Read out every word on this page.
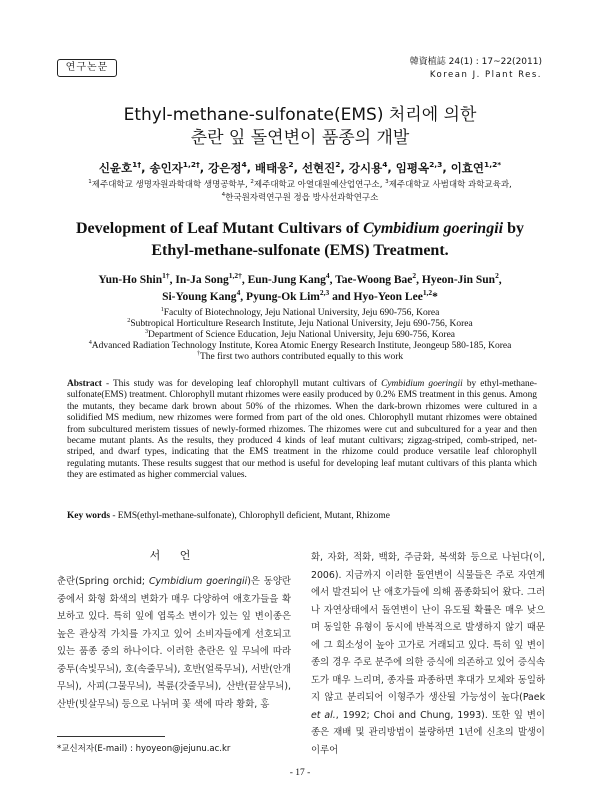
연구논문	韓資植誌 24(1) : 17~22(2011)
Korean J. Plant Res.
Ethyl-methane-sulfonate(EMS) 처리에 의한
춘란 잎 돌연변이 품종의 개발
신윤호$^{1\dagger}$, 송인자$^{1,2\dagger}$, 강은정$^4$, 배태웅$^2$, 선현진$^2$, 강시용$^4$, 임평옥$^{2,3}$, 이효연$^{1,2*}$
$^1$제주대학교 생명자원과학대학 생명공학부, $^2$제주대학교 아열대원예산업연구소, $^3$제주대학교 사범대학 과학교육과,
$^4$한국원자력연구원 정읍 방사선과학연구소
Development of Leaf Mutant Cultivars of Cymbidium goeringii by
Ethyl-methane-sulfonate (EMS) Treatment.
Yun-Ho Shin$^{1\dagger}$, In-Ja Song$^{1,2\dagger}$, Eun-Jung Kang$^4$, Tae-Woong Bae$^2$, Hyeon-Jin Sun$^2$,
Si-Young Kang$^4$, Pyung-Ok Lim$^{2,3}$ and Hyo-Yeon Lee$^{1,2}$*
$^1$Faculty of Biotechnology, Jeju National University, Jeju 690-756, Korea
$^2$Subtropical Horticulture Research Institute, Jeju National University, Jeju 690-756, Korea
$^3$Department of Science Education, Jeju National University, Jeju 690-756, Korea
$^4$Advanced Radiation Technology Institute, Korea Atomic Energy Research Institute, Jeongeup 580-185, Korea
†The first two authors contributed equally to this work
Abstract - This study was for developing leaf chlorophyll mutant cultivars of Cymbidium goeringii by ethyl-methane-sulfonate(EMS) treatment. Chlorophyll mutant rhizomes were easily produced by 0.2% EMS treatment in this genus. Among the mutants, they became dark brown about 50% of the rhizomes. When the dark-brown rhizomes were cultured in a solidified MS medium, new rhizomes were formed from part of the old ones. Chlorophyll mutant rhizomes were obtained from subcultured meristem tissues of newly-formed rhizomes. The rhizomes were cut and subcultured for a year and then became mutant plants. As the results, they produced 4 kinds of leaf mutant cultivars; zigzag-striped, comb-striped, net-striped, and dwarf types, indicating that the EMS treatment in the rhizome could produce versatile leaf chlorophyll regulating mutants. These results suggest that our method is useful for developing leaf mutant cultivars of this planta which they are estimated as higher commercial values.
Key words - EMS(ethyl-methane-sulfonate), Chlorophyll deficient, Mutant, Rhizome
서 언
춘란(Spring orchid; Cymbidium goeringii)은 동양란 중에서 화형 화색의 변화가 매우 다양하여 애호가들을 확보하고 있다. 특히 잎에 엽록소 변이가 있는 잎 변이종은 높은 관상적 가치를 가지고 있어 소비자들에게 선호되고 있는 품종 중의 하나이다. 이러한 춘란은 잎 무늬에 따라 중투(속빛무늬), 호(속줄무늬), 호반(얼룩무늬), 서반(안개무늬), 사피(그물무늬), 복륜(갓줄무늬), 산반(끝살무늬), 산반(빗살무늬) 등으로 나뉘며 꽃 색에 따라 황화, 홍
화, 자화, 적화, 백화, 주금화, 복색화 등으로 나뉜다(이, 2006). 지금까지 이러한 돌연변이 식물들은 주로 자연계에서 발견되어 난 애호가들에 의해 품종화되어 왔다. 그러나 자연상태에서 돌연변이 난이 유도될 확률은 매우 낮으며 동일한 유형이 동시에 반복적으로 발생하지 않기 때문에 그 희소성이 높아 고가로 거래되고 있다. 특히 잎 변이종의 경우 주로 분주에 의한 증식에 의존하고 있어 증식속도가 매우 느리며, 종자를 파종하면 후대가 모체와 동일하지 않고 분리되어 이형주가 생산될 가능성이 높다(Paek et al., 1992; Choi and Chung, 1993). 또한 잎 변이종은 재배 및 관리방법이 불량하면 1년에 신초의 발생이 이루어
*교신저자(E-mail) : hyoyeon@jejunu.ac.kr
- 17 -
